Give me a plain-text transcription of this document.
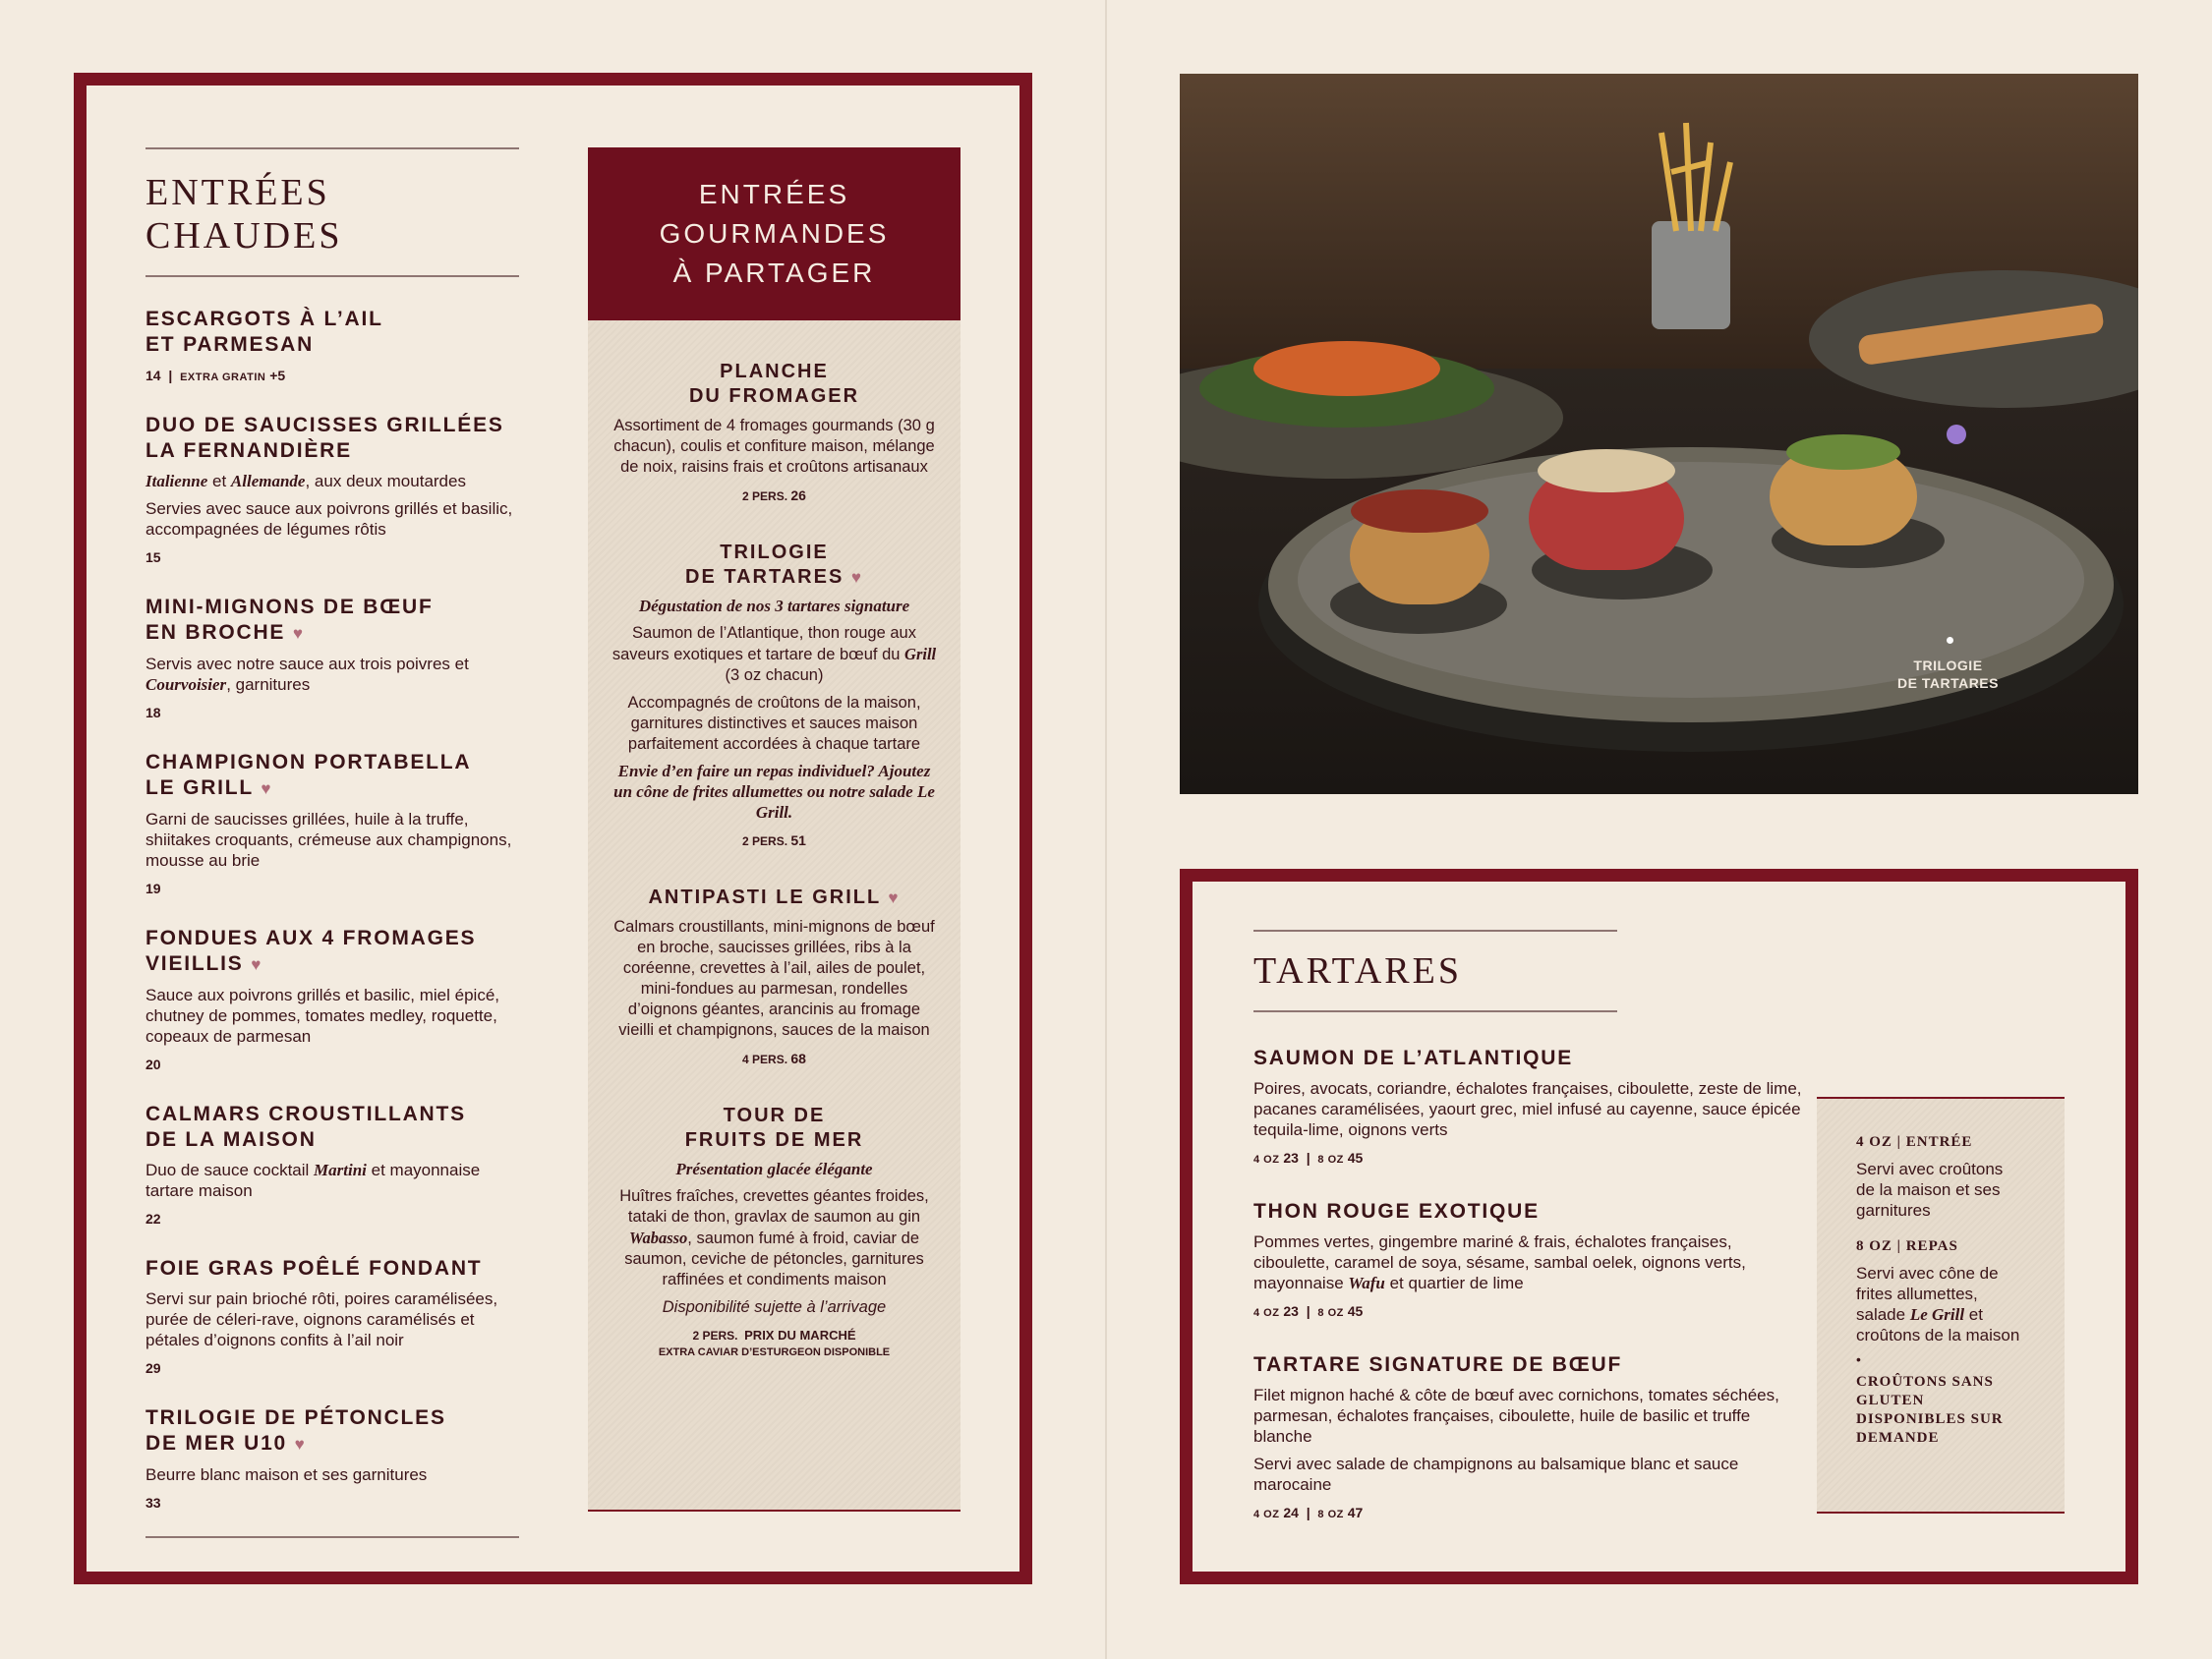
ENTRÉES
CHAUDES
ESCARGOTS À L’AIL
ET PARMESAN
14  |  EXTRA GRATIN +5
DUO DE SAUCISSES GRILLÉES
LA FERNANDIÈRE
Italienne et Allemande, aux deux moutardes
Servies avec sauce aux poivrons grillés et basilic, accompagnées de légumes rôtis
15
MINI-MIGNONS DE BŒUF
EN BROCHE ♥
Servis avec notre sauce aux trois poivres et Courvoisier, garnitures
18
CHAMPIGNON PORTABELLA
LE GRILL ♥
Garni de saucisses grillées, huile à la truffe, shiitakes croquants, crémeuse aux champignons, mousse au brie
19
FONDUES AUX 4 FROMAGES
VIEILLIS ♥
Sauce aux poivrons grillés et basilic, miel épicé, chutney de pommes, tomates medley, roquette, copeaux de parmesan
20
CALMARS CROUSTILLANTS
DE LA MAISON
Duo de sauce cocktail Martini et mayonnaise tartare maison
22
FOIE GRAS POÊLÉ FONDANT
Servi sur pain brioché rôti, poires caramélisées, purée de céleri-rave, oignons caramélisés et pétales d’oignons confits à l’ail noir
29
TRILOGIE DE PÉTONCLES
DE MER U10 ♥
Beurre blanc maison et ses garnitures
33
ENTRÉES
GOURMANDES
À PARTAGER
PLANCHE
DU FROMAGER
Assortiment de 4 fromages gourmands (30 g chacun), coulis et confiture maison, mélange de noix, raisins frais et croûtons artisanaux
2 PERS. 26
TRILOGIE
DE TARTARES ♥
Dégustation de nos 3 tartares signature
Saumon de l’Atlantique, thon rouge aux saveurs exotiques et tartare de bœuf du Grill (3 oz chacun)
Accompagnés de croûtons de la maison, garnitures distinctives et sauces maison parfaitement accordées à chaque tartare
Envie d’en faire un repas individuel? Ajoutez un cône de frites allumettes ou notre salade Le Grill.
2 PERS. 51
ANTIPASTI LE GRILL ♥
Calmars croustillants, mini-mignons de bœuf en broche, saucisses grillées, ribs à la coréenne, crevettes à l’ail, ailes de poulet, mini-fondues au parmesan, rondelles d’oignons géantes, arancinis au fromage vieilli et champignons, sauces de la maison
4 PERS. 68
TOUR DE
FRUITS DE MER
Présentation glacée élégante
Huîtres fraîches, crevettes géantes froides, tataki de thon, gravlax de saumon au gin Wabasso, saumon fumé à froid, caviar de saumon, ceviche de pétoncles, garnitures raffinées et condiments maison
Disponibilité sujette à l’arrivage
2 PERS. PRIX DU MARCHÉ
EXTRA CAVIAR D’ESTURGEON DISPONIBLE
TRILOGIE
DE TARTARES
TARTARES
SAUMON DE L’ATLANTIQUE
Poires, avocats, coriandre, échalotes françaises, ciboulette, zeste de lime, pacanes caramélisées, yaourt grec, miel infusé au cayenne, sauce épicée tequila-lime, oignons verts
4 OZ 23  |  8 OZ 45
THON ROUGE EXOTIQUE
Pommes vertes, gingembre mariné & frais, échalotes françaises, ciboulette, caramel de soya, sésame, sambal oelek, oignons verts, mayonnaise Wafu et quartier de lime
4 OZ 23  |  8 OZ 45
TARTARE SIGNATURE DE BŒUF
Filet mignon haché & côte de bœuf avec cornichons, tomates séchées, parmesan, échalotes françaises, ciboulette, huile de basilic et truffe blanche
Servi avec salade de champignons au balsamique blanc et sauce marocaine
4 OZ 24  |  8 OZ 47
4 OZ | ENTRÉE
Servi avec croûtons de la maison et ses garnitures
8 OZ | REPAS
Servi avec cône de frites allumettes, salade Le Grill et croûtons de la maison
•
CROÛTONS SANS GLUTEN DISPONIBLES SUR DEMANDE
